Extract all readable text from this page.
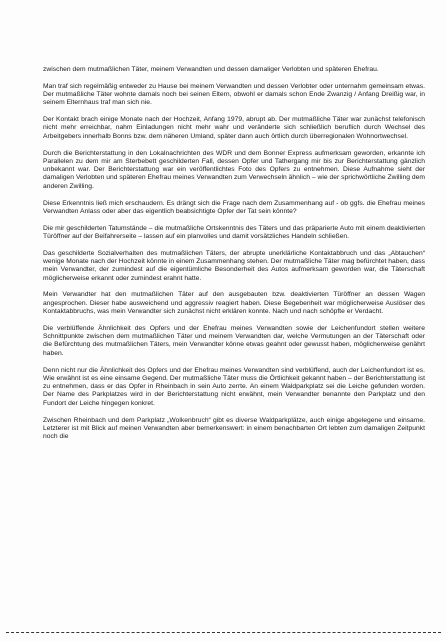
zwischen dem mutmaßlichen Täter, meinem Verwandten und dessen damaliger Verlobten und späteren Ehefrau.

Man traf sich regelmäßig entweder zu Hause bei meinem Verwandten und dessen Verlobter oder unternahm gemeinsam etwas. Der mutmaßliche Täter wohnte damals noch bei seinen Eltern, obwohl er damals schon Ende Zwanzig / Anfang Dreißig war, in seinem Elternhaus traf man sich nie.

Der Kontakt brach einige Monate nach der Hochzeit, Anfang 1979, abrupt ab. Der mutmaßliche Täter war zunächst telefonisch nicht mehr erreichbar, nahm Einladungen nicht mehr wahr und veränderte sich schließlich beruflich durch Wechsel des Arbeitgebers innerhalb Bonns bzw. dem näheren Umland, später dann auch örtlich durch überregionalen Wohnortwechsel.

Durch die Berichterstattung in den Lokalnachrichten des WDR und dem Bonner Express aufmerksam geworden, erkannte ich Parallelen zu dem mir am Sterbebett geschilderten Fall, dessen Opfer und Tathergang mir bis zur Berichterstattung gänzlich unbekannt war. Der Berichterstattung war ein veröffentlichtes Foto des Opfers zu entnehmen. Diese Aufnahme sieht der damaligen Verlobten und späteren Ehefrau meines Verwandten zum Verwechseln ähnlich – wie der sprichwörtliche Zwilling dem anderen Zwilling.

Diese Erkenntnis ließ mich erschaudern. Es drängt sich die Frage nach dem Zusammenhang auf - ob ggfs. die Ehefrau meines Verwandten Anlass oder aber das eigentlich beabsichtigte Opfer der Tat sein könnte?

Die mir geschilderten Tatumstände – die mutmaßliche Ortskenntnis des Täters und das präparierte Auto mit einem deaktivierten Türöffner auf der Beifahrerseite – lassen auf ein planvolles und damit vorsätzliches Handeln schließen.

Das geschilderte Sozialverhalten des mutmaßlichen Täters, der abrupte unerklärliche Kontaktabbruch und das „Abtauchen“ wenige Monate nach der Hochzeit könnte in einem Zusammenhang stehen. Der mutmaßliche Täter mag befürchtet haben, dass mein Verwandter, der zumindest auf die eigentümliche Besonderheit des Autos aufmerksam geworden war, die Täterschaft möglicherweise erkannt oder zumindest erahnt hatte.

Mein Verwandter hat den mutmaßlichen Täter auf den ausgebauten bzw. deaktivierten Türöffner an dessen Wagen angesprochen. Dieser habe ausweichend und aggressiv reagiert haben. Diese Begebenheit war möglicherweise Auslöser des Kontaktabbruchs, was mein Verwandter sich zunächst nicht erklären konnte. Nach und nach schöpfte er Verdacht.

Die verblüffende Ähnlichkeit des Opfers und der Ehefrau meines Verwandten sowie der Leichenfundort stellen weitere Schnittpunkte zwischen dem mutmaßlichen Täter und meinem Verwandten dar, welche Vermutungen an der Täterschaft oder die Befürchtung des mutmaßlichen Täters, mein Verwandter könne etwas geahnt oder gewusst haben, möglicherweise genährt haben.

Denn nicht nur die Ähnlichkeit des Opfers und der Ehefrau meines Verwandten sind verblüffend, auch der Leichenfundort ist es. Wie erwähnt ist es eine einsame Gegend. Der mutmaßliche Täter muss die Örtlichkeit gekannt haben – der Berichterstattung ist zu entnehmen, dass er das Opfer in Rheinbach in sein Auto zerrte. An einem Waldparkplatz sei die Leiche gefunden worden. Der Name des Parkplatzes wird in der Berichterstattung nicht erwähnt, mein Verwandter benannte den Parkplatz und den Fundort der Leiche hingegen konkret.

Zwischen Rheinbach und dem Parkplatz „Wolkenbruch“ gibt es diverse Waldparkplätze, auch einige abgelegene und einsame. Letzterer ist mit Blick auf meinen Verwandten aber bemerkenswert: in einem benachbarten Ort lebten zum damaligen Zeitpunkt noch die
